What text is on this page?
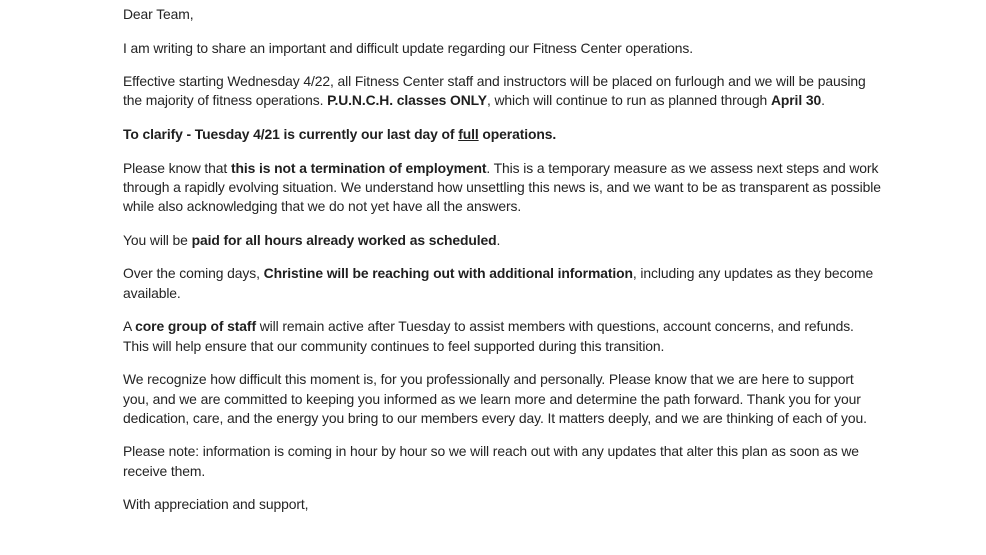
Dear Team,

I am writing to share an important and difficult update regarding our Fitness Center operations.

Effective starting Wednesday 4/22, all Fitness Center staff and instructors will be placed on furlough and we will be pausing the majority of fitness operations. P.U.N.C.H. classes ONLY, which will continue to run as planned through April 30.

To clarify - Tuesday 4/21 is currently our last day of full operations.

Please know that this is not a termination of employment. This is a temporary measure as we assess next steps and work through a rapidly evolving situation. We understand how unsettling this news is, and we want to be as transparent as possible while also acknowledging that we do not yet have all the answers.

You will be paid for all hours already worked as scheduled.

Over the coming days, Christine will be reaching out with additional information, including any updates as they become available.

A core group of staff will remain active after Tuesday to assist members with questions, account concerns, and refunds. This will help ensure that our community continues to feel supported during this transition.

We recognize how difficult this moment is, for you professionally and personally. Please know that we are here to support you, and we are committed to keeping you informed as we learn more and determine the path forward. Thank you for your dedication, care, and the energy you bring to our members every day. It matters deeply, and we are thinking of each of you.

Please note: information is coming in hour by hour so we will reach out with any updates that alter this plan as soon as we receive them.

With appreciation and support,
